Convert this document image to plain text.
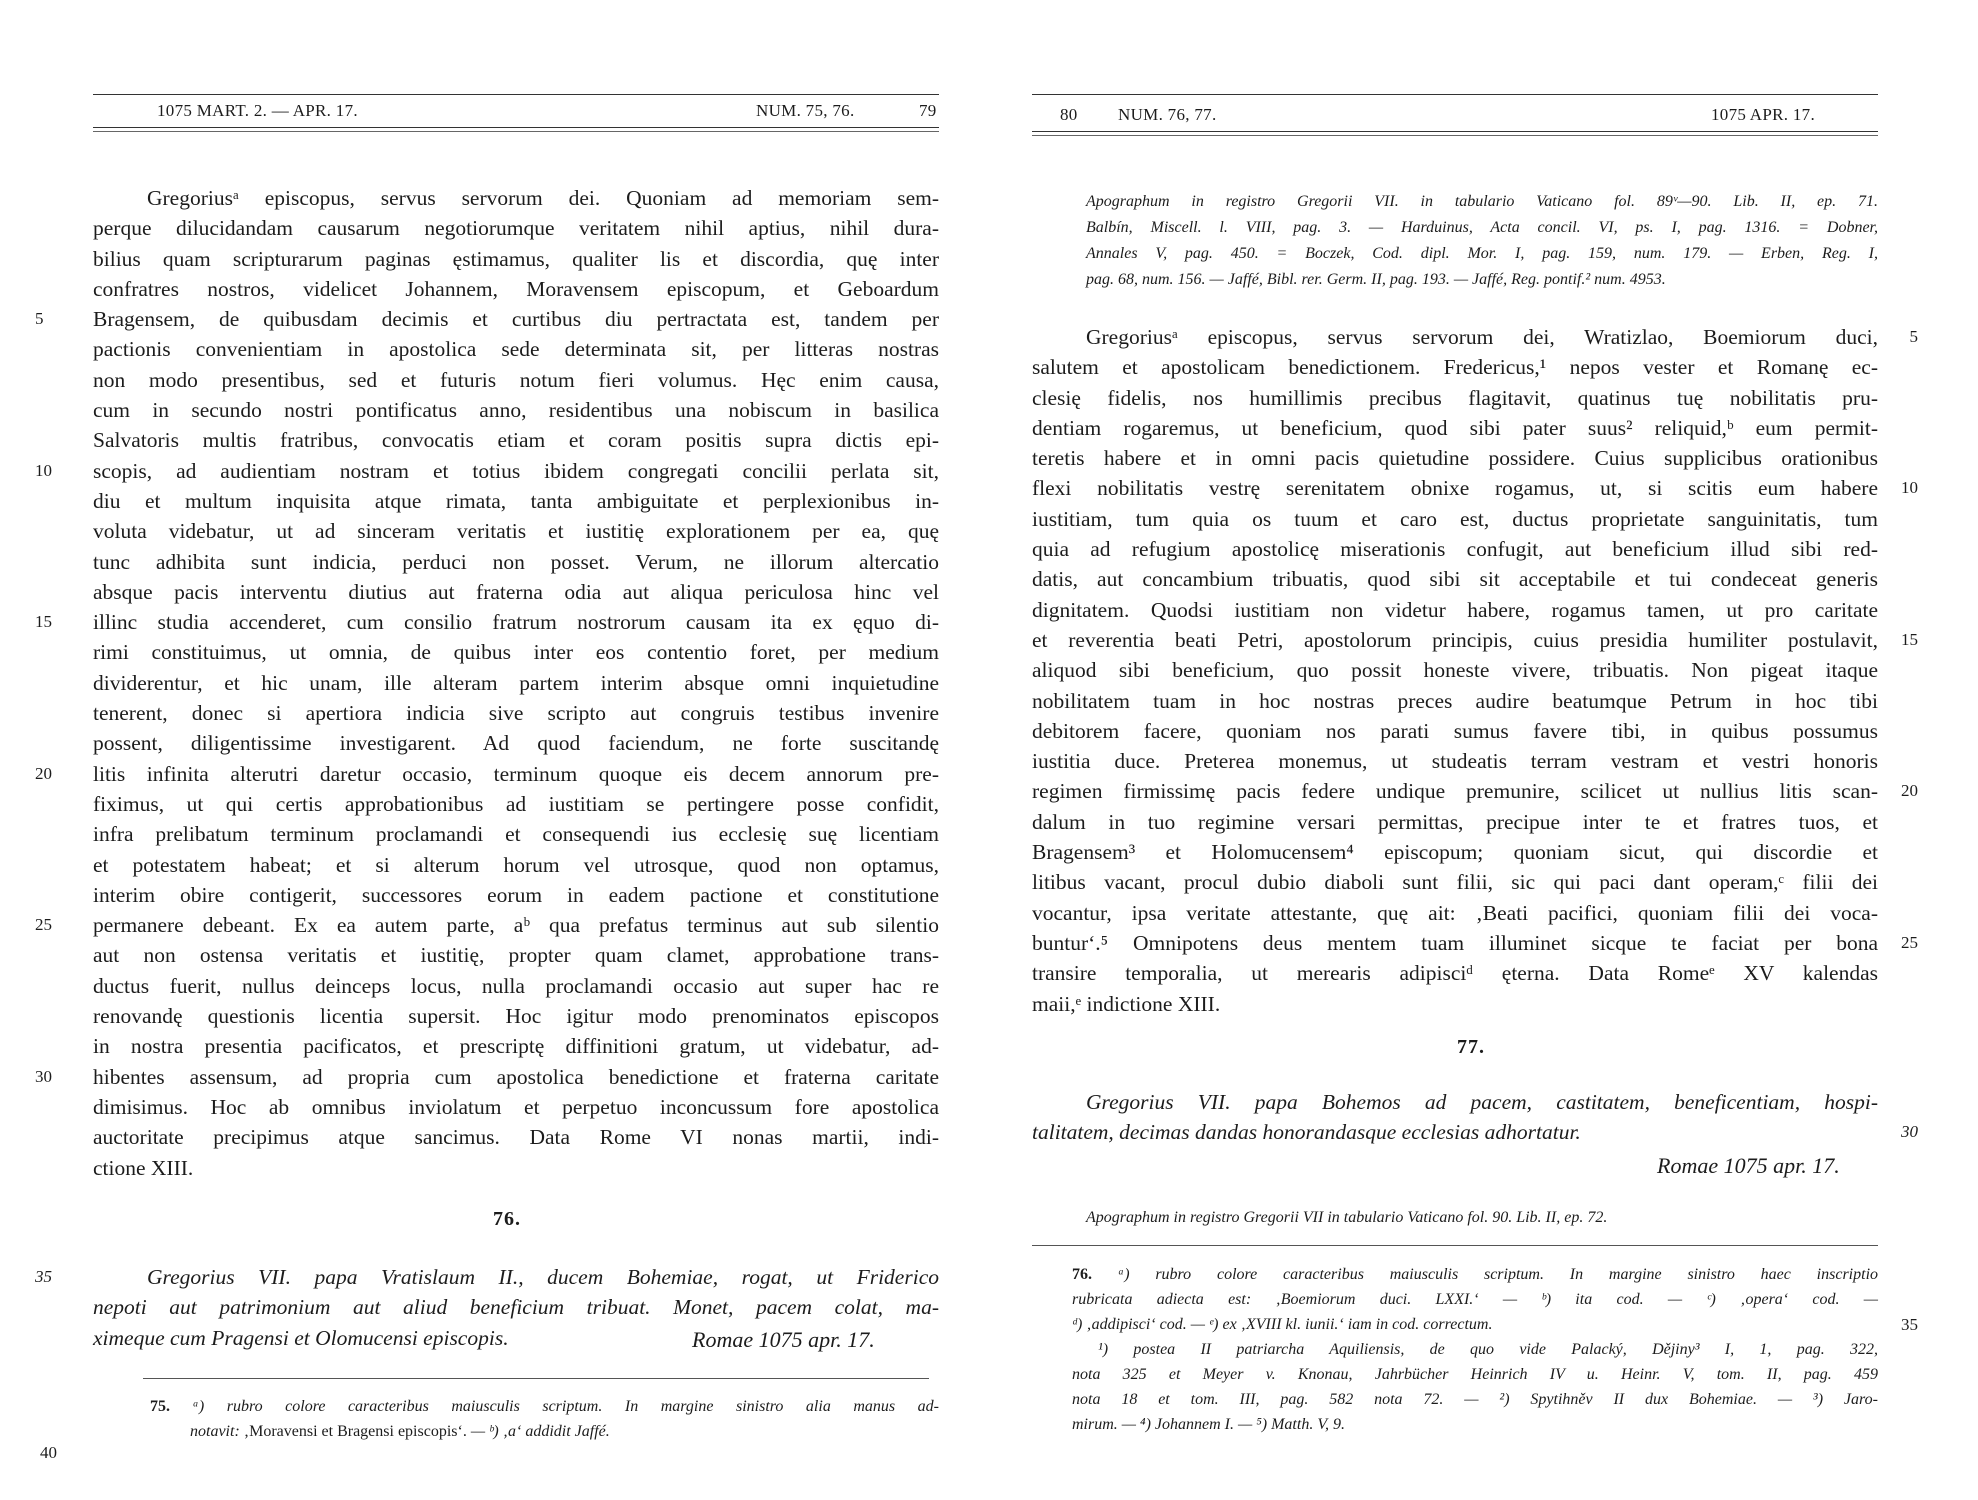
1075 MART. 2. — APR. 17.	NUM. 75, 76.	79
Gregoriusᵃ episcopus, servus servorum dei. Quoniam ad memoriam sem-
perque dilucidandam causarum negotiorumque veritatem nihil aptius, nihil dura-
bilius quam scripturarum paginas ęstimamus, qualiter lis et discordia, quę inter
confratres nostros, videlicet Johannem, Moravensem episcopum, et Geboardum
Bragensem, de quibusdam decimis et curtibus diu pertractata est, tandem per
5
pactionis convenientiam in apostolica sede determinata sit, per litteras nostras
non modo presentibus, sed et futuris notum fieri volumus. Hęc enim causa,
cum in secundo nostri pontificatus anno, residentibus una nobiscum in basilica
Salvatoris multis fratribus, convocatis etiam et coram positis supra dictis epi-
scopis, ad audientiam nostram et totius ibidem congregati concilii perlata sit,
10
diu et multum inquisita atque rimata, tanta ambiguitate et perplexionibus in-
voluta videbatur, ut ad sinceram veritatis et iustitię explorationem per ea, quę
tunc adhibita sunt indicia, perduci non posset. Verum, ne illorum altercatio
absque pacis interventu diutius aut fraterna odia aut aliqua periculosa hinc vel
illinc studia accenderet, cum consilio fratrum nostrorum causam ita ex ęquo di-
15
rimi constituimus, ut omnia, de quibus inter eos contentio foret, per medium
dividerentur, et hic unam, ille alteram partem interim absque omni inquietudine
tenerent, donec si apertiora indicia sive scripto aut congruis testibus invenire
possent, diligentissime investigarent. Ad quod faciendum, ne forte suscitandę
litis infinita alterutri daretur occasio, terminum quoque eis decem annorum pre-
20
fiximus, ut qui certis approbationibus ad iustitiam se pertingere posse confidit,
infra prelibatum terminum proclamandi et consequendi ius ecclesię suę licentiam
et potestatem habeat; et si alterum horum vel utrosque, quod non optamus,
interim obire contigerit, successores eorum in eadem pactione et constitutione
permanere debeant. Ex ea autem parte, aᵇ qua prefatus terminus aut sub silentio
25
aut non ostensa veritatis et iustitię, propter quam clamet, approbatione trans-
ductus fuerit, nullus deinceps locus, nulla proclamandi occasio aut super hac re
renovandę questionis licentia supersit. Hoc igitur modo prenominatos episcopos
in nostra presentia pacificatos, et prescriptę diffinitioni gratum, ut videbatur, ad-
hibentes assensum, ad propria cum apostolica benedictione et fraterna caritate
30
dimisimus. Hoc ab omnibus inviolatum et perpetuo inconcussum fore apostolica
auctoritate precipimus atque sancimus. Data Rome VI nonas martii, indi-
ctione XIII.
76.
Gregorius VII. papa Vratislaum II., ducem Bohemiae, rogat, ut Friderico
35
nepoti aut patrimonium aut aliud beneficium tribuat. Monet, pacem colat, ma-
ximeque cum Pragensi et Olomucensi episcopis.	Romae 1075 apr. 17.
75. ᵃ) rubro colore caracteribus maiusculis scriptum. In margine sinistro alia manus ad-
notavit: ‚Moravensi et Bragensi episcopis‘. — ᵇ) ‚a‘ addidit Jaffé.
40
80 NUM. 76, 77.	1075 APR. 17.
Apographum in registro Gregorii VII. in tabulario Vaticano fol. 89ᵛ—90. Lib. II, ep. 71.
Balbín, Miscell. l. VIII, pag. 3. — Harduinus, Acta concil. VI, ps. I, pag. 1316. = Dobner,
Annales V, pag. 450. = Boczek, Cod. dipl. Mor. I, pag. 159, num. 179. — Erben, Reg. I,
pag. 68, num. 156. — Jaffé, Bibl. rer. Germ. II, pag. 193. — Jaffé, Reg. pontif.² num. 4953.
Gregoriusᵃ episcopus, servus servorum dei, Wratizlao, Boemiorum duci, 5
salutem et apostolicam benedictionem. Fredericus,¹ nepos vester et Romanę ec-
clesię fidelis, nos humillimis precibus flagitavit, quatinus tuę nobilitatis pru-
dentiam rogaremus, ut beneficium, quod sibi pater suus² reliquid,ᵇ eum permit-
teretis habere et in omni pacis quietudine possidere. Cuius supplicibus orationibus
flexi nobilitatis vestrę serenitatem obnixe rogamus, ut, si scitis eum habere 10
iustitiam, tum quia os tuum et caro est, ductus proprietate sanguinitatis, tum
quia ad refugium apostolicę miserationis confugit, aut beneficium illud sibi red-
datis, aut concambium tribuatis, quod sibi sit acceptabile et tui condeceat generis
dignitatem. Quodsi iustitiam non videtur habere, rogamus tamen, ut pro caritate
et reverentia beati Petri, apostolorum principis, cuius presidia humiliter postulavit, 15
aliquod sibi beneficium, quo possit honeste vivere, tribuatis. Non pigeat itaque
nobilitatem tuam in hoc nostras preces audire beatumque Petrum in hoc tibi
debitorem facere, quoniam nos parati sumus favere tibi, in quibus possumus
iustitia duce. Preterea monemus, ut studeatis terram vestram et vestri honoris
regimen firmissimę pacis federe undique premunire, scilicet ut nullius litis scan- 20
dalum in tuo regimine versari permittas, precipue inter te et fratres tuos, et
Bragensem³ et Holomucensem⁴ episcopum; quoniam sicut, qui discordie et
litibus vacant, procul dubio diaboli sunt filii, sic qui paci dant operam,ᶜ filii dei
vocantur, ipsa veritate attestante, quę ait: ‚Beati pacifici, quoniam filii dei voca-
buntur‘.⁵ Omnipotens deus mentem tuam illuminet sicque te faciat per bona 25
transire temporalia, ut merearis adipisciᵈ ęterna. Data Romeᵉ XV kalendas
maii,ᵉ indictione XIII.
77.
Gregorius VII. papa Bohemos ad pacem, castitatem, beneficentiam, hospi-
talitatem, decimas dandas honorandasque ecclesias adhortatur.	30
Romae 1075 apr. 17.
Apographum in registro Gregorii VII in tabulario Vaticano fol. 90. Lib. II, ep. 72.
76. ᵃ) rubro colore caracteribus maiusculis scriptum. In margine sinistro haec inscriptio
rubricata adiecta est: ‚Boemiorum duci. LXXI.‘ — ᵇ) ita cod. — ᶜ) ‚opera‘ cod. —
ᵈ) ‚addipisci‘ cod. — ᵉ) ex ‚XVIII kl. iunii.‘ iam in cod. correctum.	35
¹) postea II patriarcha Aquiliensis, de quo vide Palacký, Dějiny³ I, 1, pag. 322,
nota 325 et Meyer v. Knonau, Jahrbücher Heinrich IV u. Heinr. V, tom. II, pag. 459
nota 18 et tom. III, pag. 582 nota 72. — ²) Spytihněv II dux Bohemiae. — ³) Jaro-
mirum. — ⁴) Johannem I. — ⁵) Matth. V, 9.
